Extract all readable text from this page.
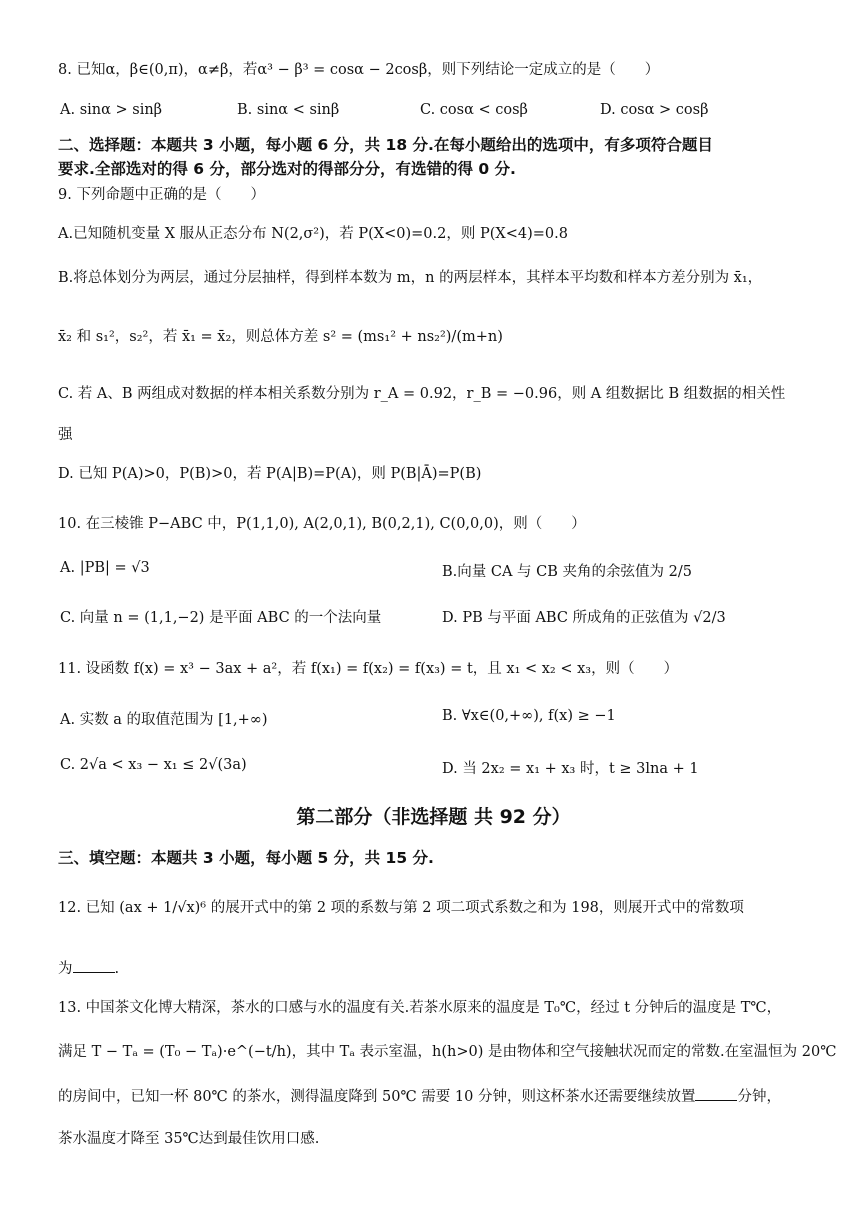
8. 已知α，β∈(0,π)，α≠β，若α³ − β³ = cosα − 2cosβ，则下列结论一定成立的是（　　）
A. sinα > sinβ	B. sinα < sinβ	C. cosα < cosβ	D. cosα > cosβ
二、选择题：本题共 3 小题，每小题 6 分，共 18 分.在每小题给出的选项中，有多项符合题目
要求.全部选对的得 6 分，部分选对的得部分分，有选错的得 0 分.
9. 下列命题中正确的是（　　）
A.已知随机变量 X 服从正态分布 N(2,σ²)，若 P(X<0)=0.2，则 P(X<4)=0.8
B.将总体划分为两层，通过分层抽样，得到样本数为 m，n 的两层样本，其样本平均数和样本方差分别为 x̄₁，
x̄₂ 和 s₁²，s₂²，若 x̄₁ = x̄₂，则总体方差 s² = (ms₁² + ns₂²)/(m+n)
C. 若 A、B 两组成对数据的样本相关系数分别为 r_A = 0.92，r_B = −0.96，则 A 组数据比 B 组数据的相关性
强
D. 已知 P(A)>0，P(B)>0，若 P(A|B)=P(A)，则 P(B|Ā)=P(B)
10. 在三棱锥 P−ABC 中，P(1,1,0), A(2,0,1), B(0,2,1), C(0,0,0)，则（　　）
A. |PB| = √3	B.向量 CA 与 CB 夹角的余弦值为 2/5
C. 向量 n = (1,1,−2) 是平面 ABC 的一个法向量	D. PB 与平面 ABC 所成角的正弦值为 √2/3
11. 设函数 f(x) = x³ − 3ax + a²，若 f(x₁) = f(x₂) = f(x₃) = t，且 x₁ < x₂ < x₃，则（　　）
A. 实数 a 的取值范围为 [1,+∞)	B. ∀x∈(0,+∞), f(x) ≥ −1
C. 2√a < x₃ − x₁ ≤ 2√(3a)	D. 当 2x₂ = x₁ + x₃ 时，t ≥ 3lna + 1
第二部分（非选择题 共 92 分）
三、填空题：本题共 3 小题，每小题 5 分，共 15 分.
12. 已知 (ax + 1/√x)⁶ 的展开式中的第 2 项的系数与第 2 项二项式系数之和为 198，则展开式中的常数项
为	.
13. 中国茶文化博大精深，茶水的口感与水的温度有关.若茶水原来的温度是 T₀℃，经过 t 分钟后的温度是 T℃，
满足 T − Tₐ = (T₀ − Tₐ)·e^(−t/h)，其中 Tₐ 表示室温，h(h>0) 是由物体和空气接触状况而定的常数.在室温恒为 20℃
的房间中，已知一杯 80℃ 的茶水，测得温度降到 50℃ 需要 10 分钟，则这杯茶水还需要继续放置	分钟，
茶水温度才降至 35℃达到最佳饮用口感.
